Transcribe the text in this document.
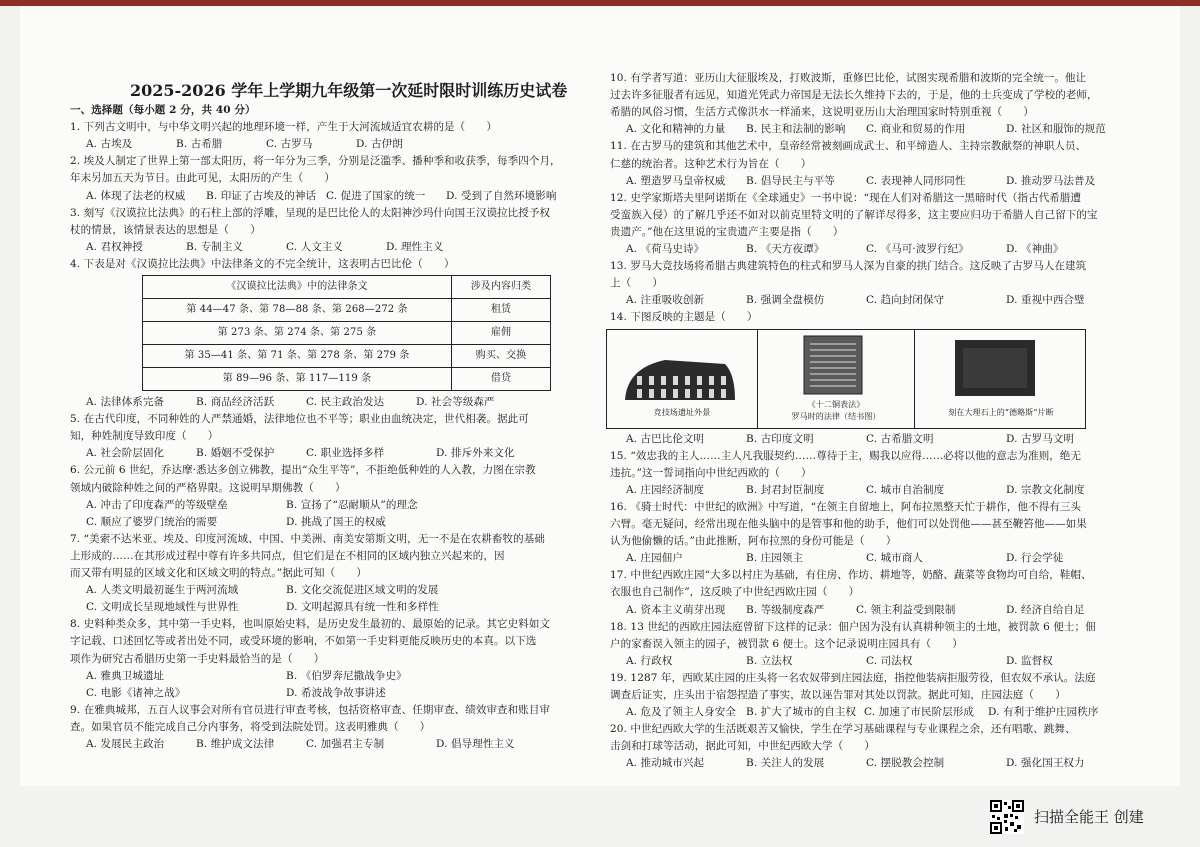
2025-2026 学年上学期九年级第一次延时限时训练历史试卷
一、选择题（每小题 2 分，共 40 分）
1. 下列古文明中，与中华文明兴起的地理环境一样，产生于大河流域适宜农耕的是（　　）
A. 古埃及	B. 古希腊	C. 古罗马	D. 古伊朗
2. 埃及人制定了世界上第一部太阳历，将一年分为三季，分别是泛滥季、播种季和收获季，每季四个月，
年末另加五天为节日。由此可见，太阳历的产生（　　）
A. 体现了法老的权威 B. 印证了古埃及的神话 C. 促进了国家的统一 D. 受到了自然环境影响
3. 刻写《汉谟拉比法典》的石柱上部的浮雕，呈现的是巴比伦人的太阳神沙玛什向国王汉谟拉比授予权
杖的情景，该情景表达的思想是（　　）
A. 君权神授	B. 专制主义	C. 人文主义	D. 理性主义
4. 下表是对《汉谟拉比法典》中法律条文的不完全统计，这表明古巴比伦（　　）
《汉谟拉比法典》中的法律条文	涉及内容归类
第 44—47 条、第 78—88 条、第 268—272 条	租赁
第 273 条、第 274 条、第 275 条	雇佣
第 35—41 条、第 71 条、第 278 条、第 279 条	购买、交换
第 89—96 条、第 117—119 条	借贷
A. 法律体系完备	B. 商品经济活跃	C. 民主政治发达	D. 社会等级森严
5. 在古代印度，不同种姓的人严禁通婚，法律地位也不平等；职业由血统决定，世代相袭。据此可
知，种姓制度导致印度（　　）
A. 社会阶层固化	B. 婚姻不受保护	C. 职业选择多样	D. 排斥外来文化
6. 公元前 6 世纪，乔达摩·悉达多创立佛教，提出“众生平等”，不拒绝低种姓的人入教，力图在宗教
领域内破除种姓之间的严格界限。这说明早期佛教（　　）
A. 冲击了印度森严的等级壁垒	B. 宣扬了“忍耐顺从”的理念
C. 顺应了婆罗门统治的需要	D. 挑战了国王的权威
7. “美索不达米亚、埃及、印度河流域、中国、中美洲、南美安第斯文明，无一不是在农耕畜牧的基础
上形成的……在其形成过程中尊有许多共同点，但它们是在不相同的区域内独立兴起来的，因
而又带有明显的区域文化和区域文明的特点。”据此可知（　　）
A. 人类文明最初诞生于两河流域	B. 文化交流促进区域文明的发展
C. 文明成长呈现地域性与世界性	D. 文明起源具有统一性和多样性
8. 史料种类众多，其中第一手史料，也叫原始史料，是历史发生最初的、最原始的记录。其它史料如文
字记载、口述回忆等或者出处不同，或受环境的影响，不如第一手史料更能反映历史的本真。以下选
项作为研究古希腊历史第一手史料最恰当的是（　　）
A. 雅典卫城遗址	B. 《伯罗奔尼撒战争史》
C. 电影《诸神之战》	D. 希波战争故事讲述
9. 在雅典城邦，五百人议事会对所有官员进行审查考核，包括资格审查、任期审查、绩效审查和账目审
查。如果官员不能完成自己分内事务，将受到法院处罚。这表明雅典（　　）
A. 发展民主政治	B. 维护成文法律	C. 加强君主专制	D. 倡导理性主义
10. 有学者写道：亚历山大征服埃及，打败波斯，重修巴比伦，试图实现希腊和波斯的完全统一。他让
过去许多征服者有远见，知道光凭武力帝国是无法长久维持下去的，于是，他的士兵变成了学校的老师，
希腊的风俗习惯，生活方式像洪水一样涌来，这说明亚历山大治理国家时特别重视（　　）
A. 文化和精神的力量 B. 民主和法制的影响 C. 商业和贸易的作用	D. 社区和服饰的规范
11. 在古罗马的建筑和其他艺术中，皇帝经常被刻画成武士、和平缔造人、主持宗教献祭的神职人员、
仁慈的统治者。这种艺术行为旨在（　　）
A. 塑造罗马皇帝权威 B. 倡导民主与平等	C. 表现神人同形同性	D. 推动罗马法普及
12. 史学家斯塔夫里阿诺斯在《全球通史》一书中说：“现在人们对希腊这一黑暗时代（指古代希腊遭
受蛮族入侵）的了解几乎还不如对以前克里特文明的了解详尽得多，这主要应归功于希腊人自己留下的宝
贵遗产。”他在这里说的宝贵遗产主要是指（　　）
A. 《荷马史诗》	B. 《天方夜谭》	C. 《马可·波罗行纪》	D. 《神曲》
13. 罗马大竞技场将希腊古典建筑特色的柱式和罗马人深为自豪的拱门结合。这反映了古罗马人在建筑
上（　　）
A. 注重吸收创新	B. 强调全盘模仿	C. 趋向封闭保守	D. 重视中西合璧
14. 下图反映的主题是（　　）
竞技场遗址外景
《十二铜表法》
罗马时的法律（结书图）	刻在大理石上的“德略斯”片断
A. 古巴比伦文明	B. 古印度文明	C. 古希腊文明	D. 古罗马文明
15. “效忠我的主人……主人凡我服契约……尊待于主，赐我以应得……必将以他的意志为准则，绝无
违抗。”这一誓词指向中世纪西欧的（　　）
A. 庄园经济制度	B. 封君封臣制度	C. 城市自治制度	D. 宗教文化制度
16. 《骑士时代：中世纪的欧洲》中写道，“在领主自留地上，阿布拉黑整天忙于耕作，他不得有三头
六臂。毫无疑问，经常出现在他头脑中的是管事和他的助手，他们可以处罚他——甚至鞭笞他——如果
认为他偷懒的话。”由此推断，阿布拉黑的身份可能是（　　）
A. 庄园佃户	B. 庄园领主	C. 城市商人	D. 行会学徒
17. 中世纪西欧庄园“大多以村庄为基础，有住房、作坊、耕地等，奶酪、蔬菜等食物均可自给，鞋帽、
衣服也自己制作”，这反映了中世纪西欧庄园（　　）
A. 资本主义萌芽出现 B. 等级制度森严	C. 领主利益受到限制	D. 经济自给自足
18. 13 世纪的西欧庄园法庭曾留下这样的记录：佃户因为没有认真耕种领主的土地，被罚款 6 便士；佃
户的家畜误入领主的园子，被罚款 6 便士。这个记录说明庄园具有（　　）
A. 行政权	B. 立法权	C. 司法权	D. 监督权
19. 1287 年，西欧某庄园的庄头将一名农奴带到庄园法庭，指控他装病拒服劳役，但农奴不承认。法庭
调查后证实，庄头出于宿怨捏造了事实，故以诬告罪对其处以罚款。据此可知，庄园法庭（　　）
A. 危及了领主人身安全 B. 扩大了城市的自主权 C. 加速了市民阶层形成 D. 有利于维护庄园秩序
20. 中世纪西欧大学的生活既艰苦又愉快，学生在学习基础课程与专业课程之余，还有唱歌、跳舞、
击剑和打球等活动，据此可知，中世纪西欧大学（　　）
A. 推动城市兴起	B. 关注人的发展	C. 摆脱教会控制	D. 强化国王权力
扫描全能王 创建
